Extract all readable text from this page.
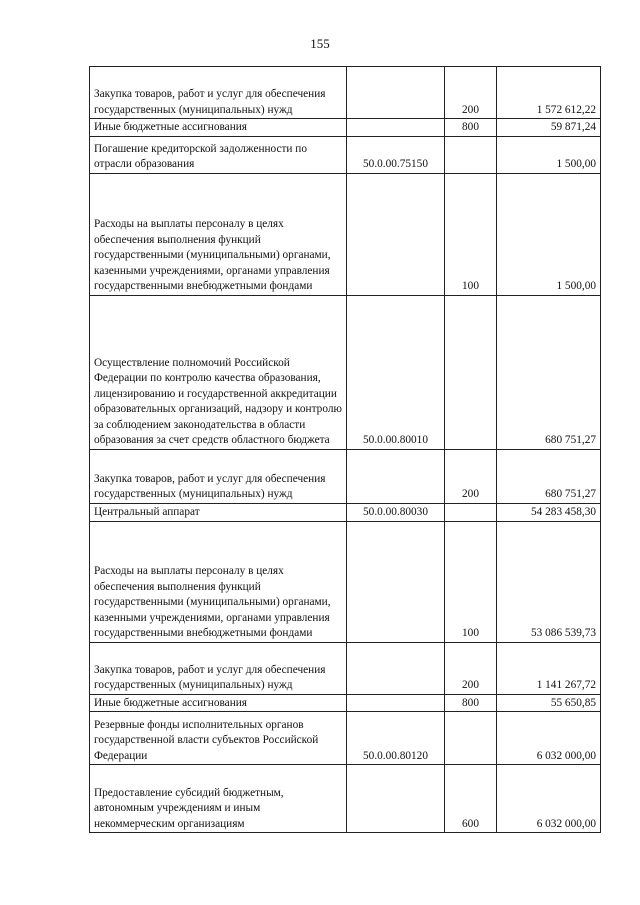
155
Закупка товаров, работ и услуг для обеспечения государственных (муниципальных) нужд		200	1 572 612,22
Иные бюджетные ассигнования		800	59 871,24
Погашение кредиторской задолженности по отрасли образования	50.0.00.75150		1 500,00
Расходы на выплаты персоналу в целях обеспечения выполнения функций государственными (муниципальными) органами, казенными учреждениями, органами управления государственными внебюджетными фондами		100	1 500,00
Осуществление полномочий Российской Федерации по контролю качества образования, лицензированию и государственной аккредитации образовательных организаций, надзору и контролю за соблюдением законодательства в области образования за счет средств областного бюджета	50.0.00.80010		680 751,27
Закупка товаров, работ и услуг для обеспечения государственных (муниципальных) нужд		200	680 751,27
Центральный аппарат	50.0.00.80030		54 283 458,30
Расходы на выплаты персоналу в целях обеспечения выполнения функций государственными (муниципальными) органами, казенными учреждениями, органами управления государственными внебюджетными фондами		100	53 086 539,73
Закупка товаров, работ и услуг для обеспечения государственных (муниципальных) нужд		200	1 141 267,72
Иные бюджетные ассигнования		800	55 650,85
Резервные фонды исполнительных органов государственной власти субъектов Российской Федерации	50.0.00.80120		6 032 000,00
Предоставление субсидий бюджетным, автономным учреждениям и иным некоммерческим организациям		600	6 032 000,00
